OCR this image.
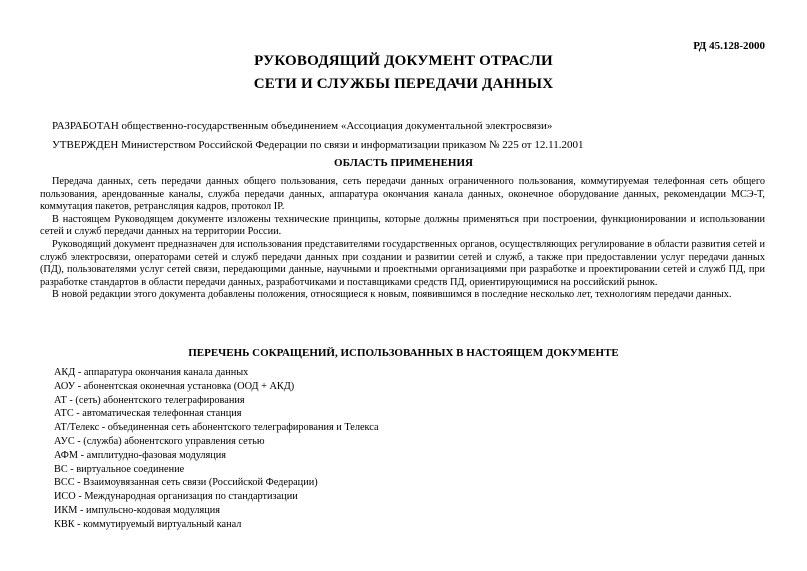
РД 45.128-2000
РУКОВОДЯЩИЙ ДОКУМЕНТ ОТРАСЛИ
СЕТИ И СЛУЖБЫ ПЕРЕДАЧИ ДАННЫХ
РАЗРАБОТАН общественно-государственным объединением «Ассоциация документальной электросвязи»
УТВЕРЖДЕН Министерством Российской Федерации по связи и информатизации приказом № 225 от 12.11.2001
ОБЛАСТЬ ПРИМЕНЕНИЯ

Передача данных, сеть передачи данных общего пользования, сеть передачи данных ограниченного пользования, коммутируемая телефонная сеть общего пользования, арендованные каналы, служба передачи данных, аппаратура окончания канала данных, оконечное оборудование данных, рекомендации МСЭ-Т, коммутация пакетов, ретрансляция кадров, протокол IP.

В настоящем Руководящем документе изложены технические принципы, которые должны применяться при построении, функционировании и использовании сетей и служб передачи данных на территории России.

Руководящий документ предназначен для использования представителями государственных органов, осуществляющих регулирование в области развития сетей и служб электросвязи, операторами сетей и служб передачи данных при создании и развитии сетей и служб, а также при предоставлении услуг передачи данных (ПД), пользователями услуг сетей связи, передающими данные, научными и проектными организациями при разработке и проектировании сетей и служб ПД, при разработке стандартов в области передачи данных, разработчиками и поставщиками средств ПД, ориентирующимися на российский рынок.

В новой редакции этого документа добавлены положения, относящиеся к новым, появившимся в последние несколько лет, технологиям передачи данных.

ПЕРЕЧЕНЬ СОКРАЩЕНИЙ, ИСПОЛЬЗОВАННЫХ В НАСТОЯЩЕМ ДОКУМЕНТЕ
АКД - аппаратура окончания канала данных
АОУ - абонентская оконечная установка (ООД + АКД)
АТ - (сеть) абонентского телеграфирования
АТС - автоматическая телефонная станция
АТ/Телекс - объединенная сеть абонентского телеграфирования и Телекса
АУС - (служба) абонентского управления сетью
АФМ - амплитудно-фазовая модуляция
ВС - виртуальное соединение
ВСС - Взаимоувязанная сеть связи (Российской Федерации)
ИСО - Международная организация по стандартизации
ИКМ - импульсно-кодовая модуляция
КВК - коммутируемый виртуальный канал
